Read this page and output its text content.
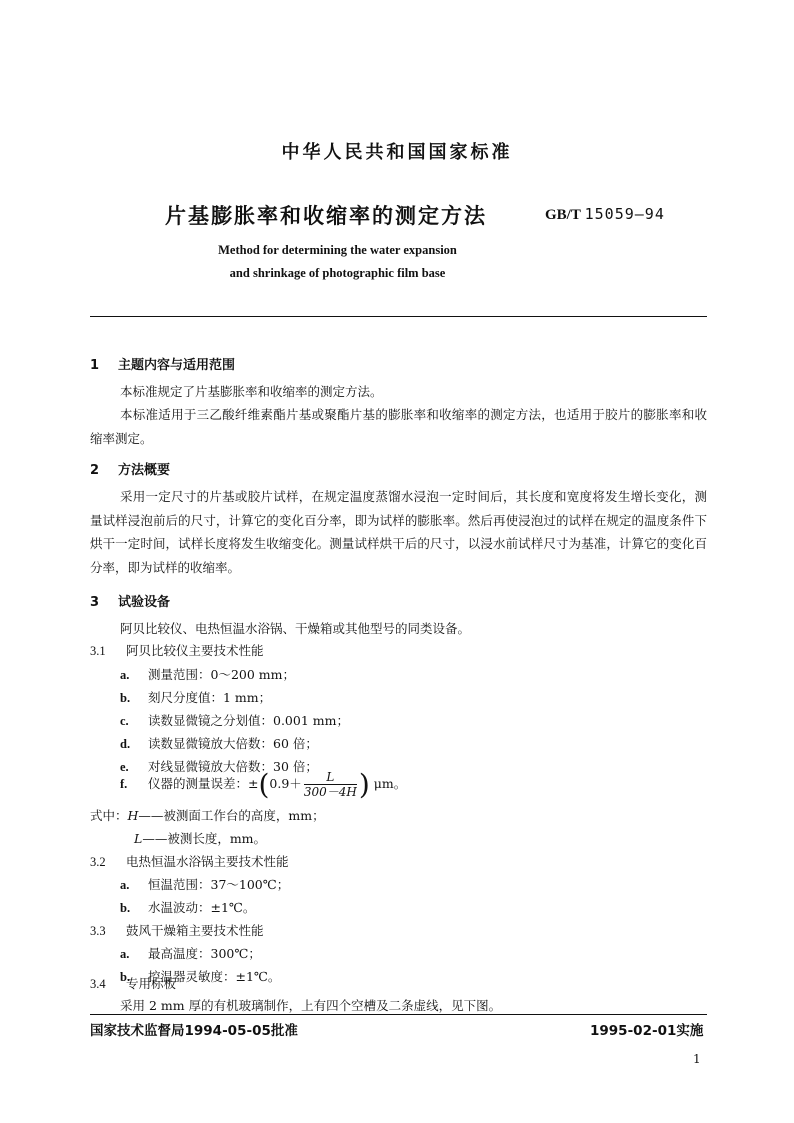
中华人民共和国国家标准
片基膨胀率和收缩率的测定方法	GB/T 15059—94
Method for determining the water expansion
and shrinkage of photographic film base
1 主题内容与适用范围
本标准规定了片基膨胀率和收缩率的测定方法。
本标准适用于三乙酸纤维素酯片基或聚酯片基的膨胀率和收缩率的测定方法，也适用于胶片的膨胀率和收缩率测定。
2 方法概要
采用一定尺寸的片基或胶片试样，在规定温度蒸馏水浸泡一定时间后，其长度和宽度将发生增长变化，测量试样浸泡前后的尺寸，计算它的变化百分率，即为试样的膨胀率。然后再使浸泡过的试样在规定的温度条件下烘干一定时间，试样长度将发生收缩变化。测量试样烘干后的尺寸，以浸水前试样尺寸为基准，计算它的变化百分率，即为试样的收缩率。
3 试验设备
阿贝比较仪、电热恒温水浴锅、干燥箱或其他型号的同类设备。
3.1 阿贝比较仪主要技术性能
a. 测量范围：0～200 mm；
b. 刻尺分度值：1 mm；
c. 读数显微镜之分划值：0.001 mm；
d. 读数显微镜放大倍数：60 倍；
e. 对线显微镜放大倍数：30 倍；
f. 仪器的测量误差：$\pm(0.9+ \frac{L}{300-4H}$ ) μm。
式中：H——被测面工作台的高度，mm；
L——被测长度，mm。
3.2 电热恒温水浴锅主要技术性能
a. 恒温范围：37～100℃；
b. 水温波动：±1℃。
3.3 鼓风干燥箱主要技术性能
a. 最高温度：300℃；
b. 控温器灵敏度：±1℃。
3.4 专用标板
国家技术监督局1994-05-05批准	1995-02-01实施
1
采用 2 mm 厚的有机玻璃制作，上有四个空槽及二条虚线，见下图。
